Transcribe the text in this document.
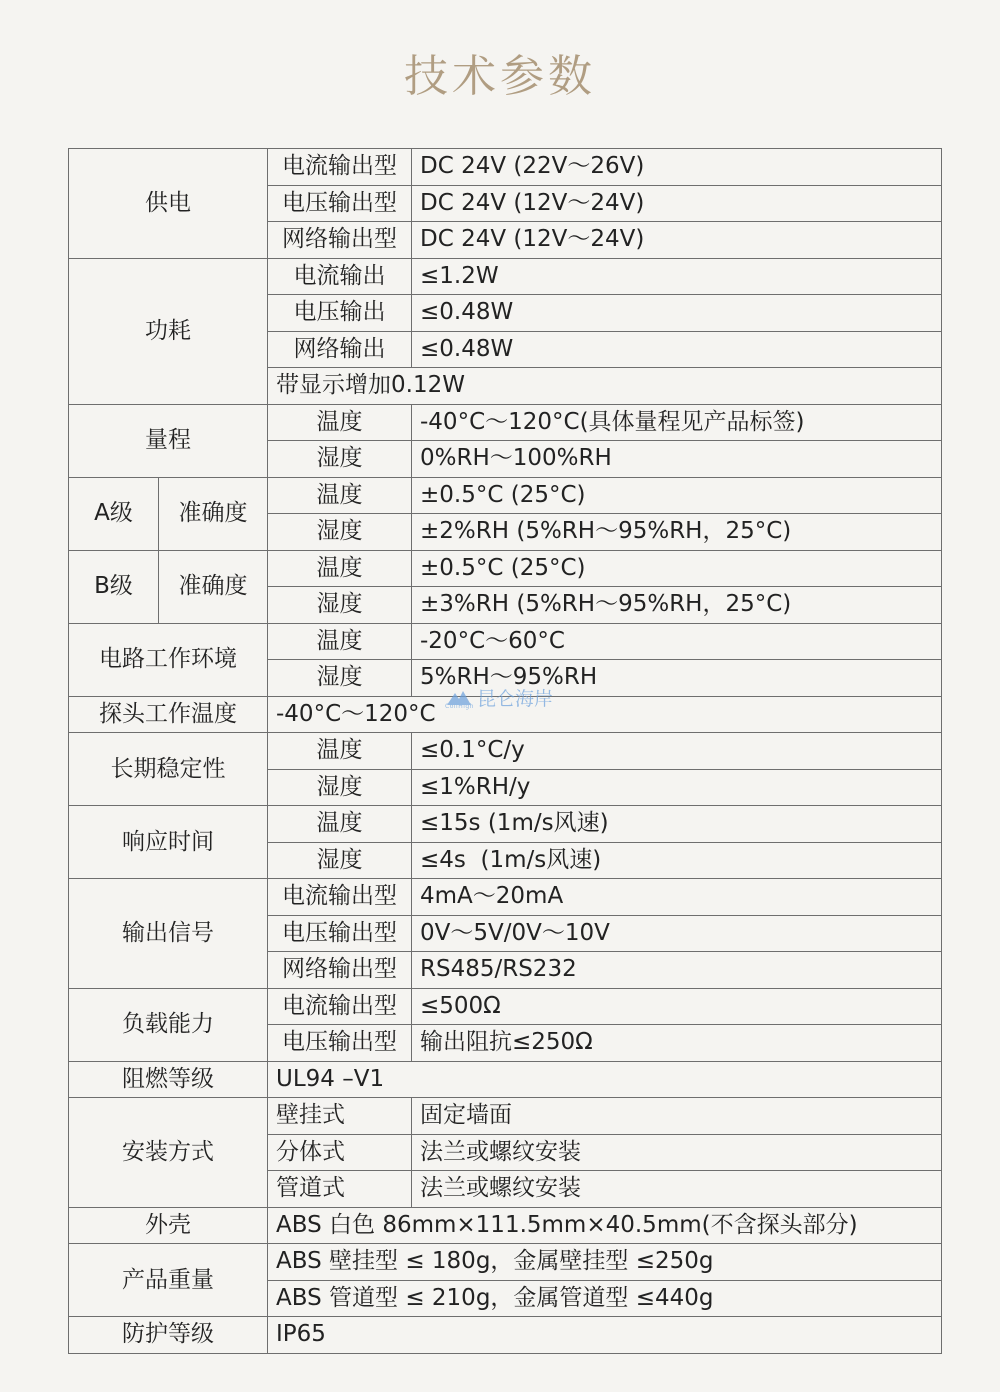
技术参数
供电		电流输出型	DC 24V (22V～26V)
		电压输出型	DC 24V (12V～24V)
		网络输出型	DC 24V (12V～24V)
功耗		电流输出	≤1.2W
		电压输出	≤0.48W
		网络输出	≤0.48W
		带显示增加0.12W	
量程		温度	-40°C～120°C(具体量程见产品标签)
		湿度	0%RH～100%RH
A级	准确度	温度	±0.5°C (25°C)
		湿度	±2%RH (5%RH～95%RH，25°C)
B级	准确度	温度	±0.5°C (25°C)
		湿度	±3%RH (5%RH～95%RH，25°C)
电路工作环境		温度	-20°C～60°C
		湿度	5%RH～95%RH
探头工作温度		-40°C～120°C	
长期稳定性		温度	≤0.1°C/y
		湿度	≤1%RH/y
响应时间		温度	≤15s (1m/s风速)
		湿度	≤4s  (1m/s风速)
输出信号		电流输出型	4mA～20mA
		电压输出型	0V～5V/0V～10V
		网络输出型	RS485/RS232
负载能力		电流输出型	≤500Ω
		电压输出型	输出阻抗≤250Ω
阻燃等级		UL94 –V1	
安装方式		壁挂式	固定墙面
		分体式	法兰或螺纹安装
		管道式	法兰或螺纹安装
外壳		ABS 白色 86mm×111.5mm×40.5mm(不含探头部分)	
产品重量		ABS 壁挂型 ≤ 180g，金属壁挂型 ≤250g	
		ABS 管道型 ≤ 210g，金属管道型 ≤440g	
防护等级		IP65	
昆仑海岸
CollHigh
